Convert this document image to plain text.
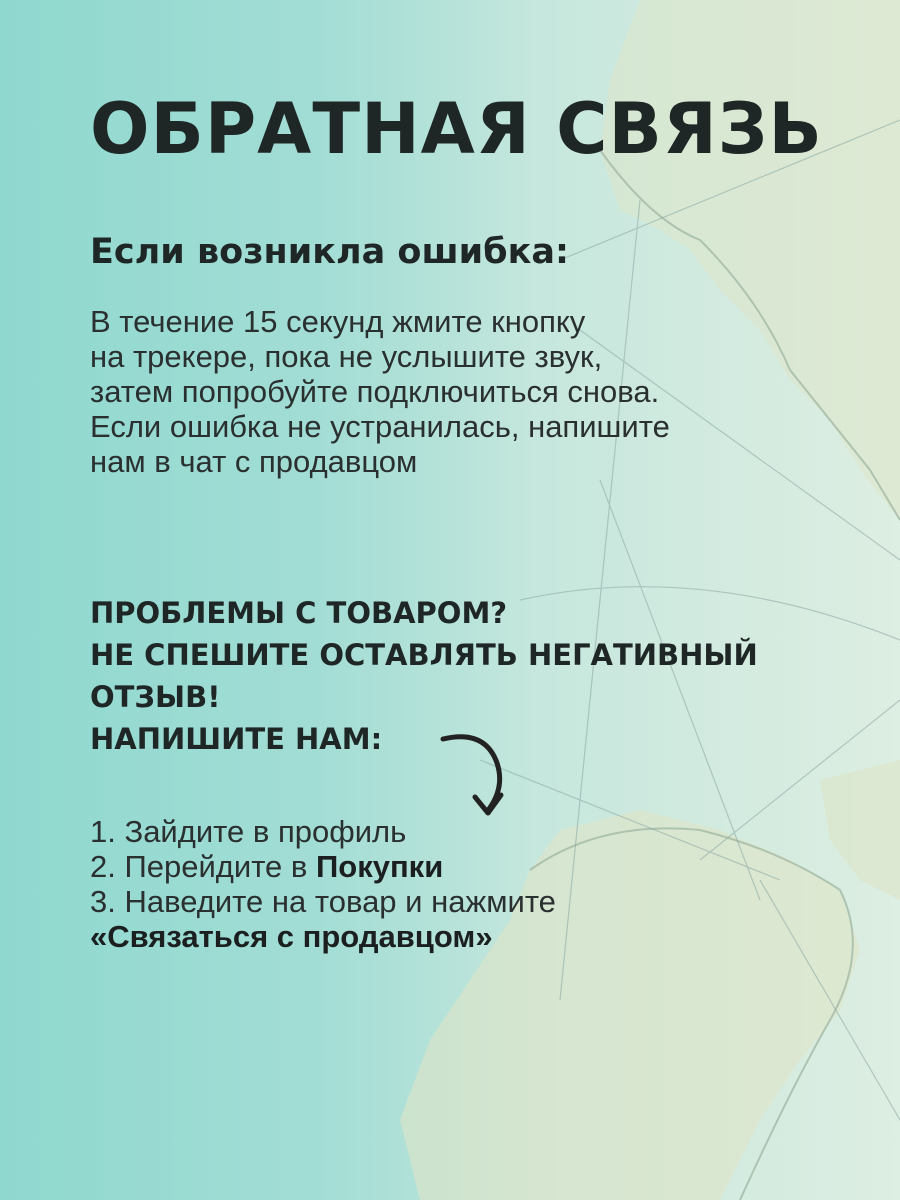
ОБРАТНАЯ СВЯЗЬ
Если возникла ошибка:
В течение 15 секунд жмите кнопку
на трекере, пока не услышите звук,
затем попробуйте подключиться снова.
Если ошибка не устранилась, напишите
нам в чат с продавцом
ПРОБЛЕМЫ С ТОВАРОМ?
НЕ СПЕШИТЕ ОСТАВЛЯТЬ НЕГАТИВНЫЙ
ОТЗЫВ!
НАПИШИТЕ НАМ:
1. Зайдите в профиль
2. Перейдите в Покупки
3. Наведите на товар и нажмите
«Связаться с продавцом»
